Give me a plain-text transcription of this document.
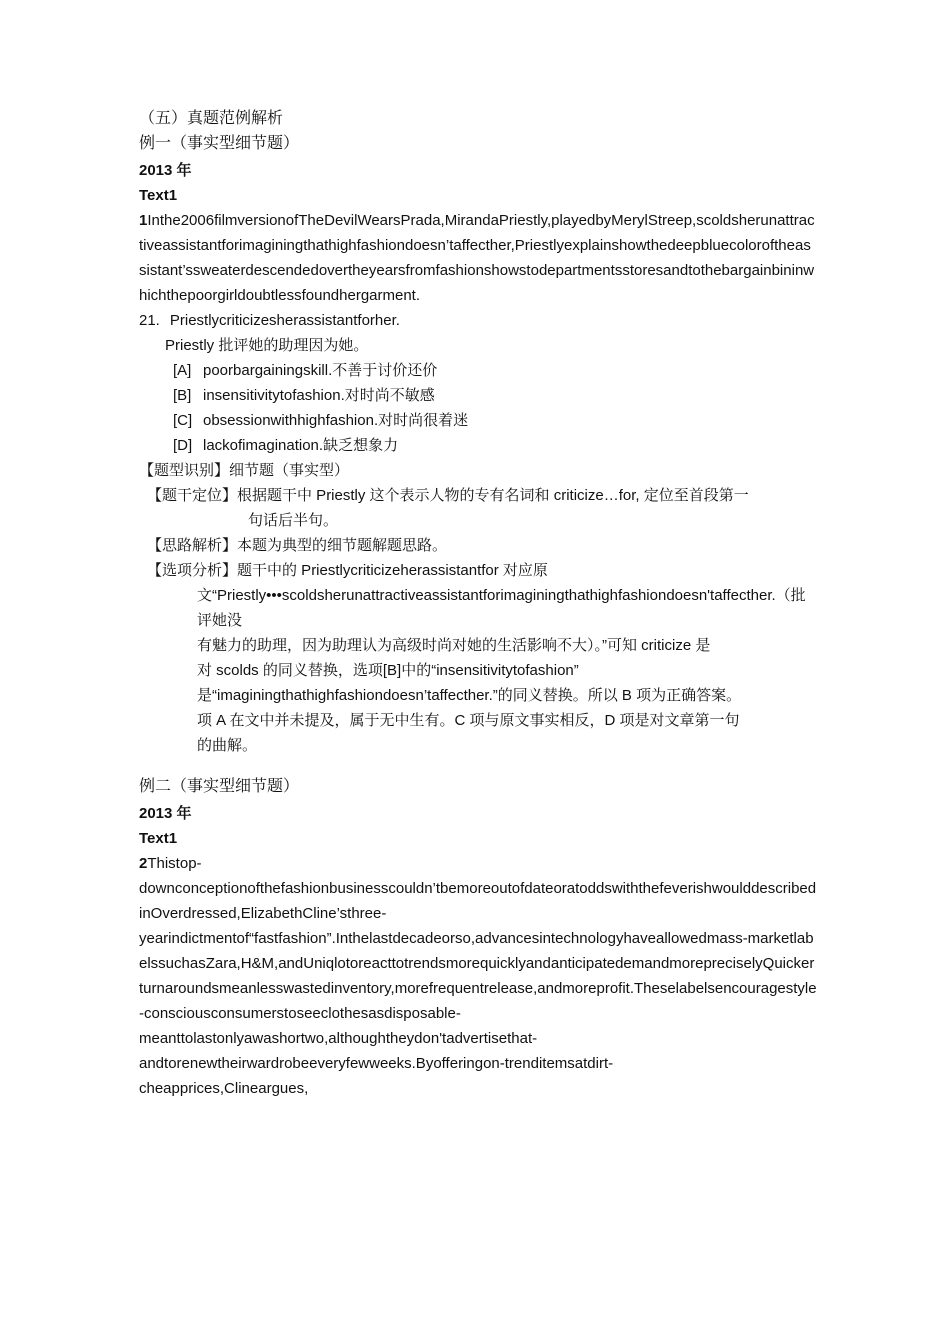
（五）真题范例解析
例一（事实型细节题）
2013 年
Text1
1Inthe2006filmversionofTheDevilWearsPrada,MirandaPriestly,playedbyMerylStreep,scoldsherunattractiveassistantforimaginingthathighfashiondoesn’taffecther,Priestlyexplainshowthedeepbluecoloroftheassistant’ssweaterdescendedovertheyearsfromfashionshowstodepartmentsstoresandtothebargainbininwhichthepoorgirldoubtlessfoundhergarment.
21. Priestlycriticizesherassistantforher.
Priestly 批评她的助理因为她。
[A] poorbargainingskill.不善于讨价还价
[B] insensitivitytofashion.对时尚不敏感
[C] obsessionwithhighfashion.对时尚很着迷
[D] lackofimagination.缺乏想象力
【题型识别】细节题（事实型）
【题干定位】根据题干中 Priestly 这个表示人物的专有名词和 criticize…for, 定位至首段第一
句话后半句。
【思路解析】本题为典型的细节题解题思路。
【选项分析】题干中的 Priestlycriticizeherassistantfor 对应原
文“Priestly•••scoldsherunattractiveassistantforimaginingthathighfashiondoesn'taffecther.（批评她没
有魅力的助理，因为助理认为高级时尚对她的生活影响不大）。”可知 criticize 是
对 scolds 的同义替换，选项[B]中的“insensitivitytofashion”
是“imaginingthathighfashiondoesn’taffecther.”的同义替换。所以 B 项为正确答案。
项 A 在文中并未提及，属于无中生有。C 项与原文事实相反，D 项是对文章第一句
的曲解。
例二（事实型细节题）
2013 年
Text1
2Thistop-
downconceptionofthefashionbusinesscouldn’tbemoreoutofdateoratoddswiththefeverishwoulddescribedinOverdressed,ElizabethCline’sthree-
yearindictmentof“fastfashion”.Inthelastdecadeorso,advancesintechnologyhaveallowedmass-marketlabelssuchasZara,H&M,andUniqlotoreacttotrendsmorequicklyandanticipatedemandmorepreciselyQuickerturnaroundsmeanlesswastedinventory,morefrequentrelease,andmoreprofit.Theselabelsencouragestyle-consciousconsumerstoseeclothesasdisposable-
meanttolastonlyawashortwo,althoughtheydon'tadvertisethat-
andtorenewtheirwardrobeeveryfewweeks.Byofferingon-trenditemsatdirt-
cheapprices,Clineargues,
